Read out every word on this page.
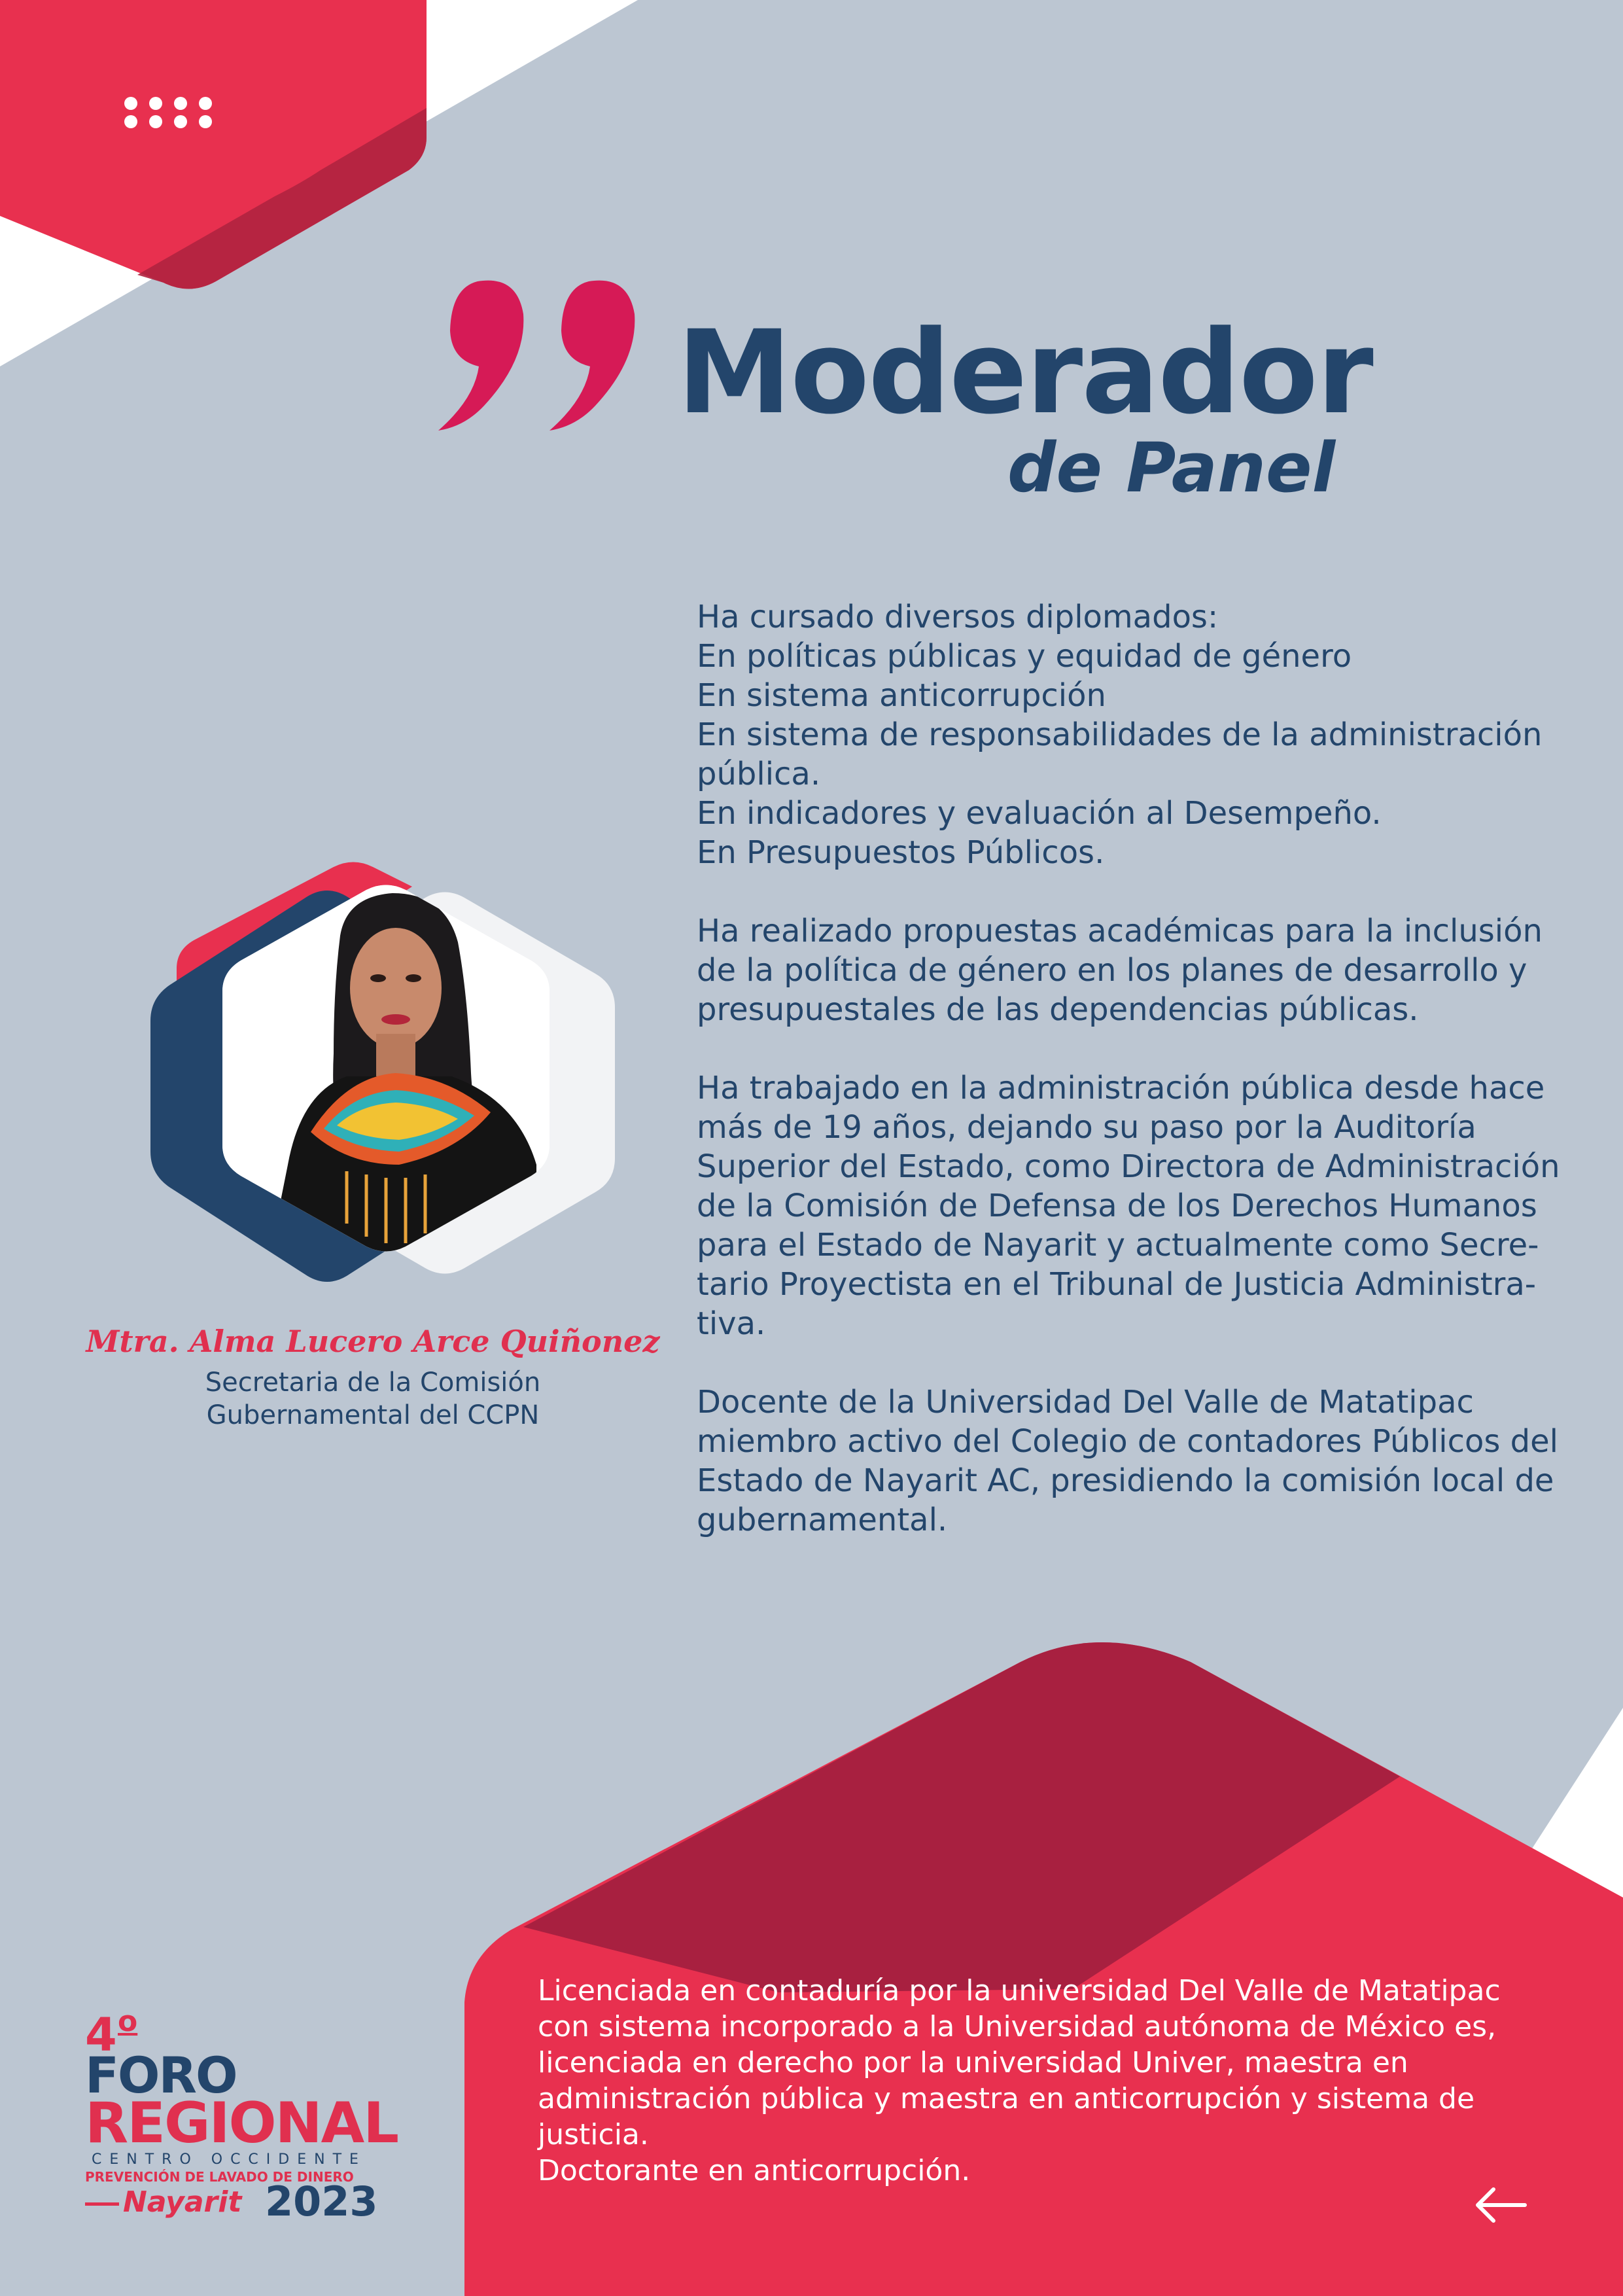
Moderador
de Panel

Ha cursado diversos diplomados:
En políticas públicas y equidad de género
En sistema anticorrupción
En sistema de responsabilidades de la administración pública.
En indicadores y evaluación al Desempeño.
En Presupuestos Públicos.

Ha realizado propuestas académicas para la inclusión de la política de género en los planes de desarrollo y presupuestales de las dependencias públicas.

Ha trabajado en la administración pública desde hace más de 19 años, dejando su paso por la Auditoría Superior del Estado, como Directora de Administración de la Comisión de Defensa de los Derechos Humanos para el Estado de Nayarit y actualmente como Secre-tario Proyectista en el Tribunal de Justicia Administra-tiva.

Docente de la Universidad Del Valle de Matatipac miembro activo del Colegio de contadores Públicos del Estado de Nayarit AC, presidiendo la comisión local de gubernamental.

Mtra. Alma Lucero Arce Quiñonez
Secretaria de la Comisión
Gubernamental del CCPN
Licenciada en contaduría por la universidad Del Valle de Matatipac con sistema incorporado a la Universidad autónoma de México es, licenciada en derecho por la universidad Univer, maestra en administración pública y maestra en anticorrupción y sistema de justicia.
Doctorante en anticorrupción.
4 o
FORO
REGIONAL
CENTRO OCCIDENTE
PREVENCIÓN DE LAVADO DE DINERO
Nayarit 2023
